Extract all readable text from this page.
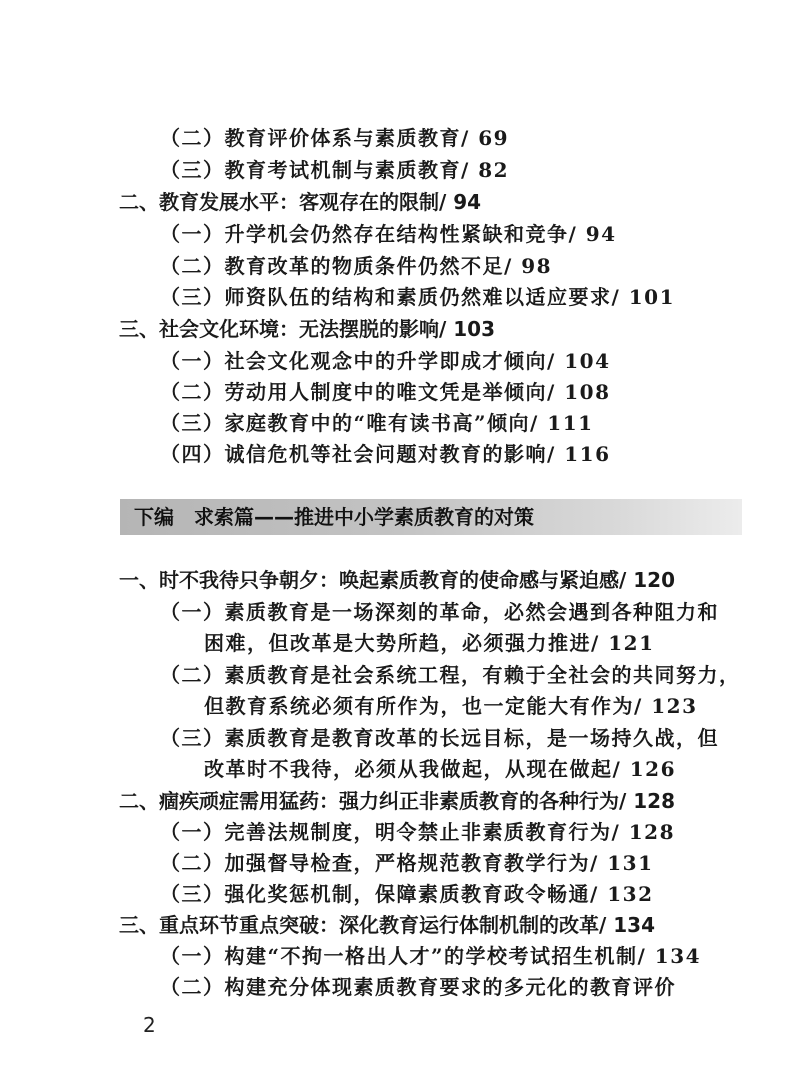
（二）教育评价体系与素质教育/ 69
（三）教育考试机制与素质教育/ 82
二、教育发展水平：客观存在的限制/ 94
（一）升学机会仍然存在结构性紧缺和竞争/ 94
（二）教育改革的物质条件仍然不足/ 98
（三）师资队伍的结构和素质仍然难以适应要求/ 101
三、社会文化环境：无法摆脱的影响/ 103
（一）社会文化观念中的升学即成才倾向/ 104
（二）劳动用人制度中的唯文凭是举倾向/ 108
（三）家庭教育中的“唯有读书高”倾向/ 111
（四）诚信危机等社会问题对教育的影响/ 116
下编　求索篇——推进中小学素质教育的对策
一、时不我待只争朝夕：唤起素质教育的使命感与紧迫感/ 120
（一）素质教育是一场深刻的革命，必然会遇到各种阻力和
困难，但改革是大势所趋，必须强力推进/ 121
（二）素质教育是社会系统工程，有赖于全社会的共同努力，
但教育系统必须有所作为，也一定能大有作为/ 123
（三）素质教育是教育改革的长远目标，是一场持久战，但
改革时不我待，必须从我做起，从现在做起/ 126
二、痼疾顽症需用猛药：强力纠正非素质教育的各种行为/ 128
（一）完善法规制度，明令禁止非素质教育行为/ 128
（二）加强督导检查，严格规范教育教学行为/ 131
（三）强化奖惩机制，保障素质教育政令畅通/ 132
三、重点环节重点突破：深化教育运行体制机制的改革/ 134
（一）构建“不拘一格出人才”的学校考试招生机制/ 134
（二）构建充分体现素质教育要求的多元化的教育评价
2
